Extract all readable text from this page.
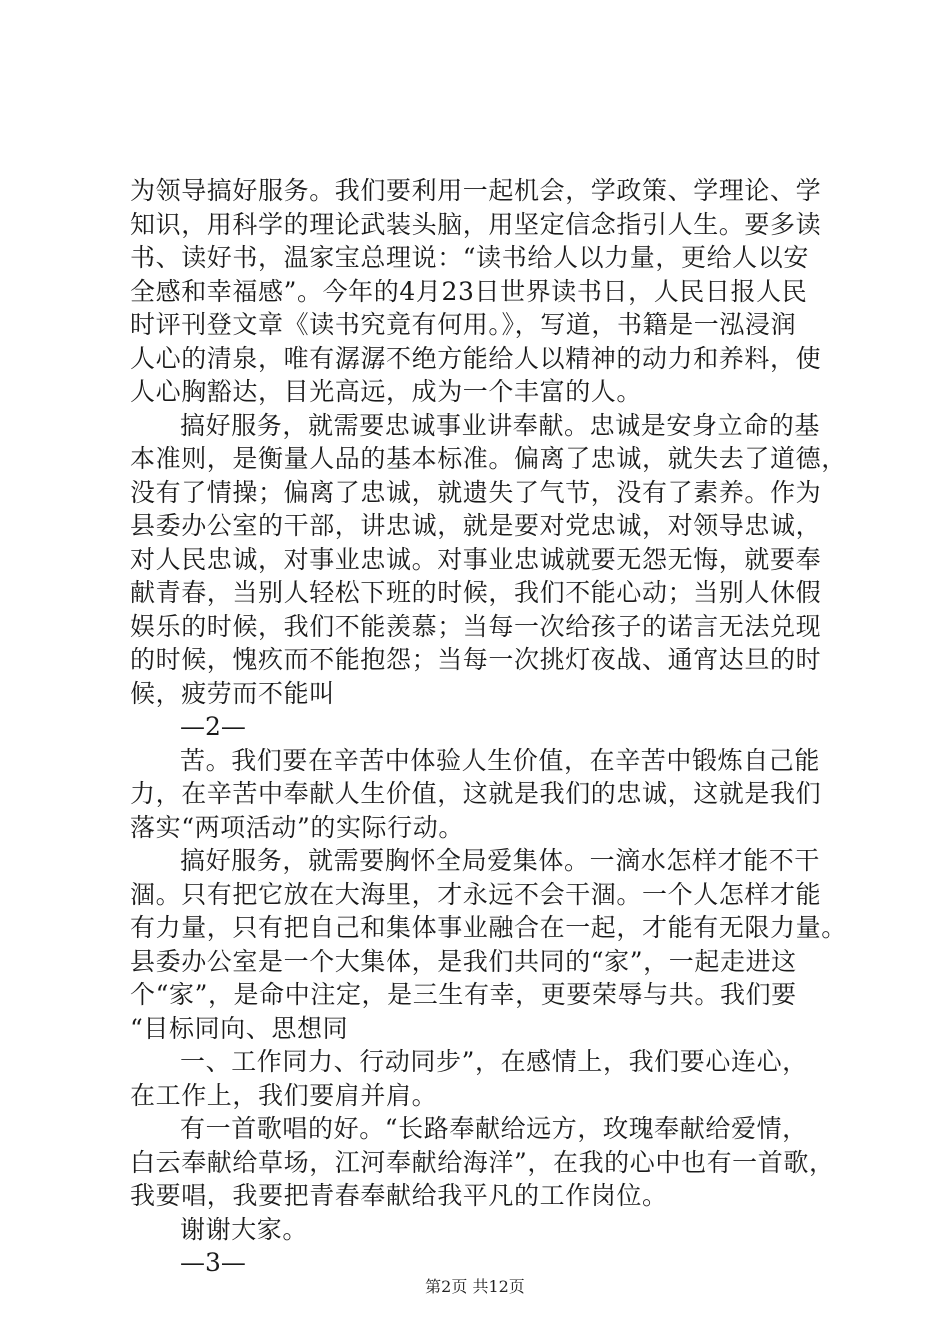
为领导搞好服务。我们要利用一起机会，学政策、学理论、学
知识，用科学的理论武装头脑，用坚定信念指引人生。要多读
书、读好书，温家宝总理说：“读书给人以力量，更给人以安
全感和幸福感”。今年的4月23日世界读书日，人民日报人民
时评刊登文章《读书究竟有何用。》，写道，书籍是一泓浸润
人心的清泉，唯有潺潺不绝方能给人以精神的动力和养料，使
人心胸豁达，目光高远，成为一个丰富的人。
搞好服务，就需要忠诚事业讲奉献。忠诚是安身立命的基
本准则，是衡量人品的基本标准。偏离了忠诚，就失去了道德，
没有了情操；偏离了忠诚，就遗失了气节，没有了素养。作为
县委办公室的干部，讲忠诚，就是要对党忠诚，对领导忠诚，
对人民忠诚，对事业忠诚。对事业忠诚就要无怨无悔，就要奉
献青春，当别人轻松下班的时候，我们不能心动；当别人休假
娱乐的时候，我们不能羡慕；当每一次给孩子的诺言无法兑现
的时候，愧疚而不能抱怨；当每一次挑灯夜战、通宵达旦的时
候，疲劳而不能叫
—2—
苦。我们要在辛苦中体验人生价值，在辛苦中锻炼自己能
力，在辛苦中奉献人生价值，这就是我们的忠诚，这就是我们
落实“两项活动”的实际行动。
搞好服务，就需要胸怀全局爱集体。一滴水怎样才能不干
涸。只有把它放在大海里，才永远不会干涸。一个人怎样才能
有力量，只有把自己和集体事业融合在一起，才能有无限力量。
县委办公室是一个大集体，是我们共同的“家”，一起走进这
个“家”，是命中注定，是三生有幸，更要荣辱与共。我们要
“目标同向、思想同
一、工作同力、行动同步”，在感情上，我们要心连心，
在工作上，我们要肩并肩。
有一首歌唱的好。“长路奉献给远方，玫瑰奉献给爱情，
白云奉献给草场，江河奉献给海洋”，在我的心中也有一首歌，
我要唱，我要把青春奉献给我平凡的工作岗位。
谢谢大家。
—3—
第2页 共12页
